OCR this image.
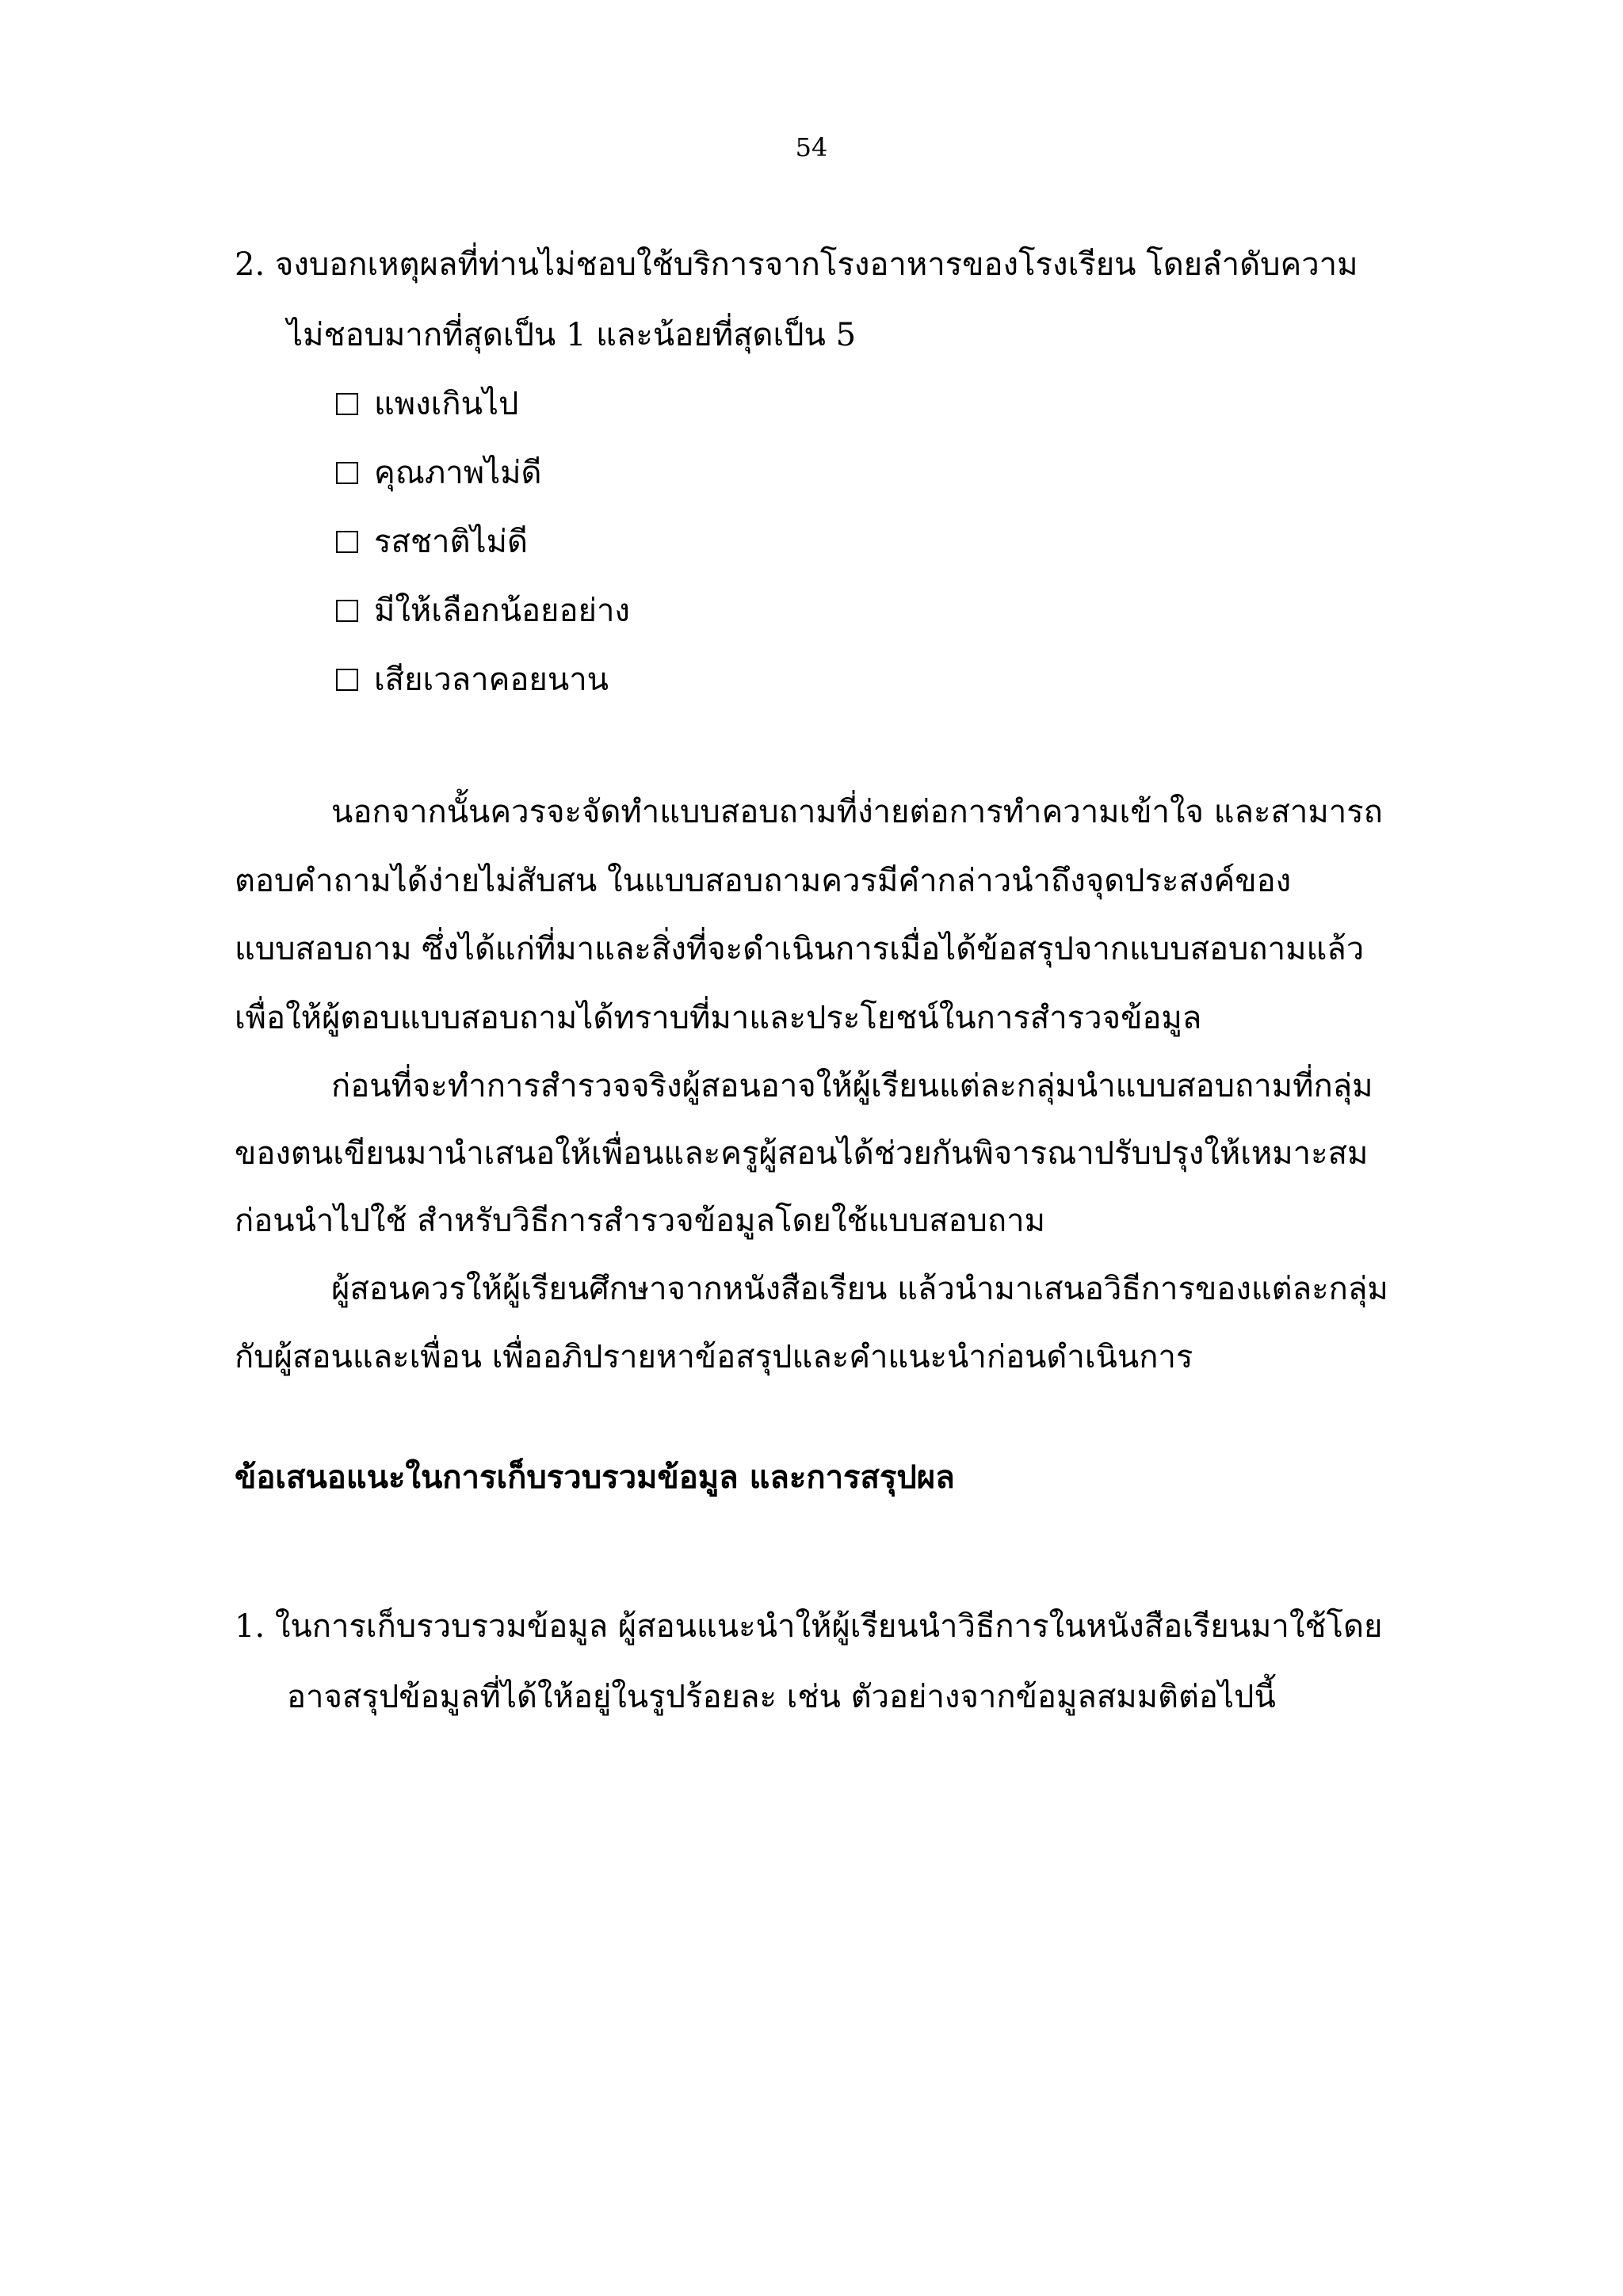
54

2. จงบอกเหตุผลที่ท่านไม่ชอบใช้บริการจากโรงอาหารของโรงเรียน โดยลำดับความ

ไม่ชอบมากที่สุดเป็น 1 และน้อยที่สุดเป็น 5

แพงเกินไป
คุณภาพไม่ดี
รสชาติไม่ดี
มีให้เลือกน้อยอย่าง
เสียเวลาคอยนาน

นอกจากนั้นควรจะจัดทำแบบสอบถามที่ง่ายต่อการทำความเข้าใจ และสามารถ

ตอบคำถามได้ง่ายไม่สับสน ในแบบสอบถามควรมีคำกล่าวนำถึงจุดประสงค์ของ

แบบสอบถาม ซึ่งได้แก่ที่มาและสิ่งที่จะดำเนินการเมื่อได้ข้อสรุปจากแบบสอบถามแล้ว

เพื่อให้ผู้ตอบแบบสอบถามได้ทราบที่มาและประโยชน์ในการสำรวจข้อมูล

ก่อนที่จะทำการสำรวจจริงผู้สอนอาจให้ผู้เรียนแต่ละกลุ่มนำแบบสอบถามที่กลุ่ม

ของตนเขียนมานำเสนอให้เพื่อนและครูผู้สอนได้ช่วยกันพิจารณาปรับปรุงให้เหมาะสม

ก่อนนำไปใช้ สำหรับวิธีการสำรวจข้อมูลโดยใช้แบบสอบถาม

ผู้สอนควรให้ผู้เรียนศึกษาจากหนังสือเรียน แล้วนำมาเสนอวิธีการของแต่ละกลุ่ม

กับผู้สอนและเพื่อน เพื่ออภิปรายหาข้อสรุปและคำแนะนำก่อนดำเนินการ

ข้อเสนอแนะในการเก็บรวบรวมข้อมูล และการสรุปผล

1. ในการเก็บรวบรวมข้อมูล ผู้สอนแนะนำให้ผู้เรียนนำวิธีการในหนังสือเรียนมาใช้โดย

อาจสรุปข้อมูลที่ได้ให้อยู่ในรูปร้อยละ เช่น ตัวอย่างจากข้อมูลสมมติต่อไปนี้
